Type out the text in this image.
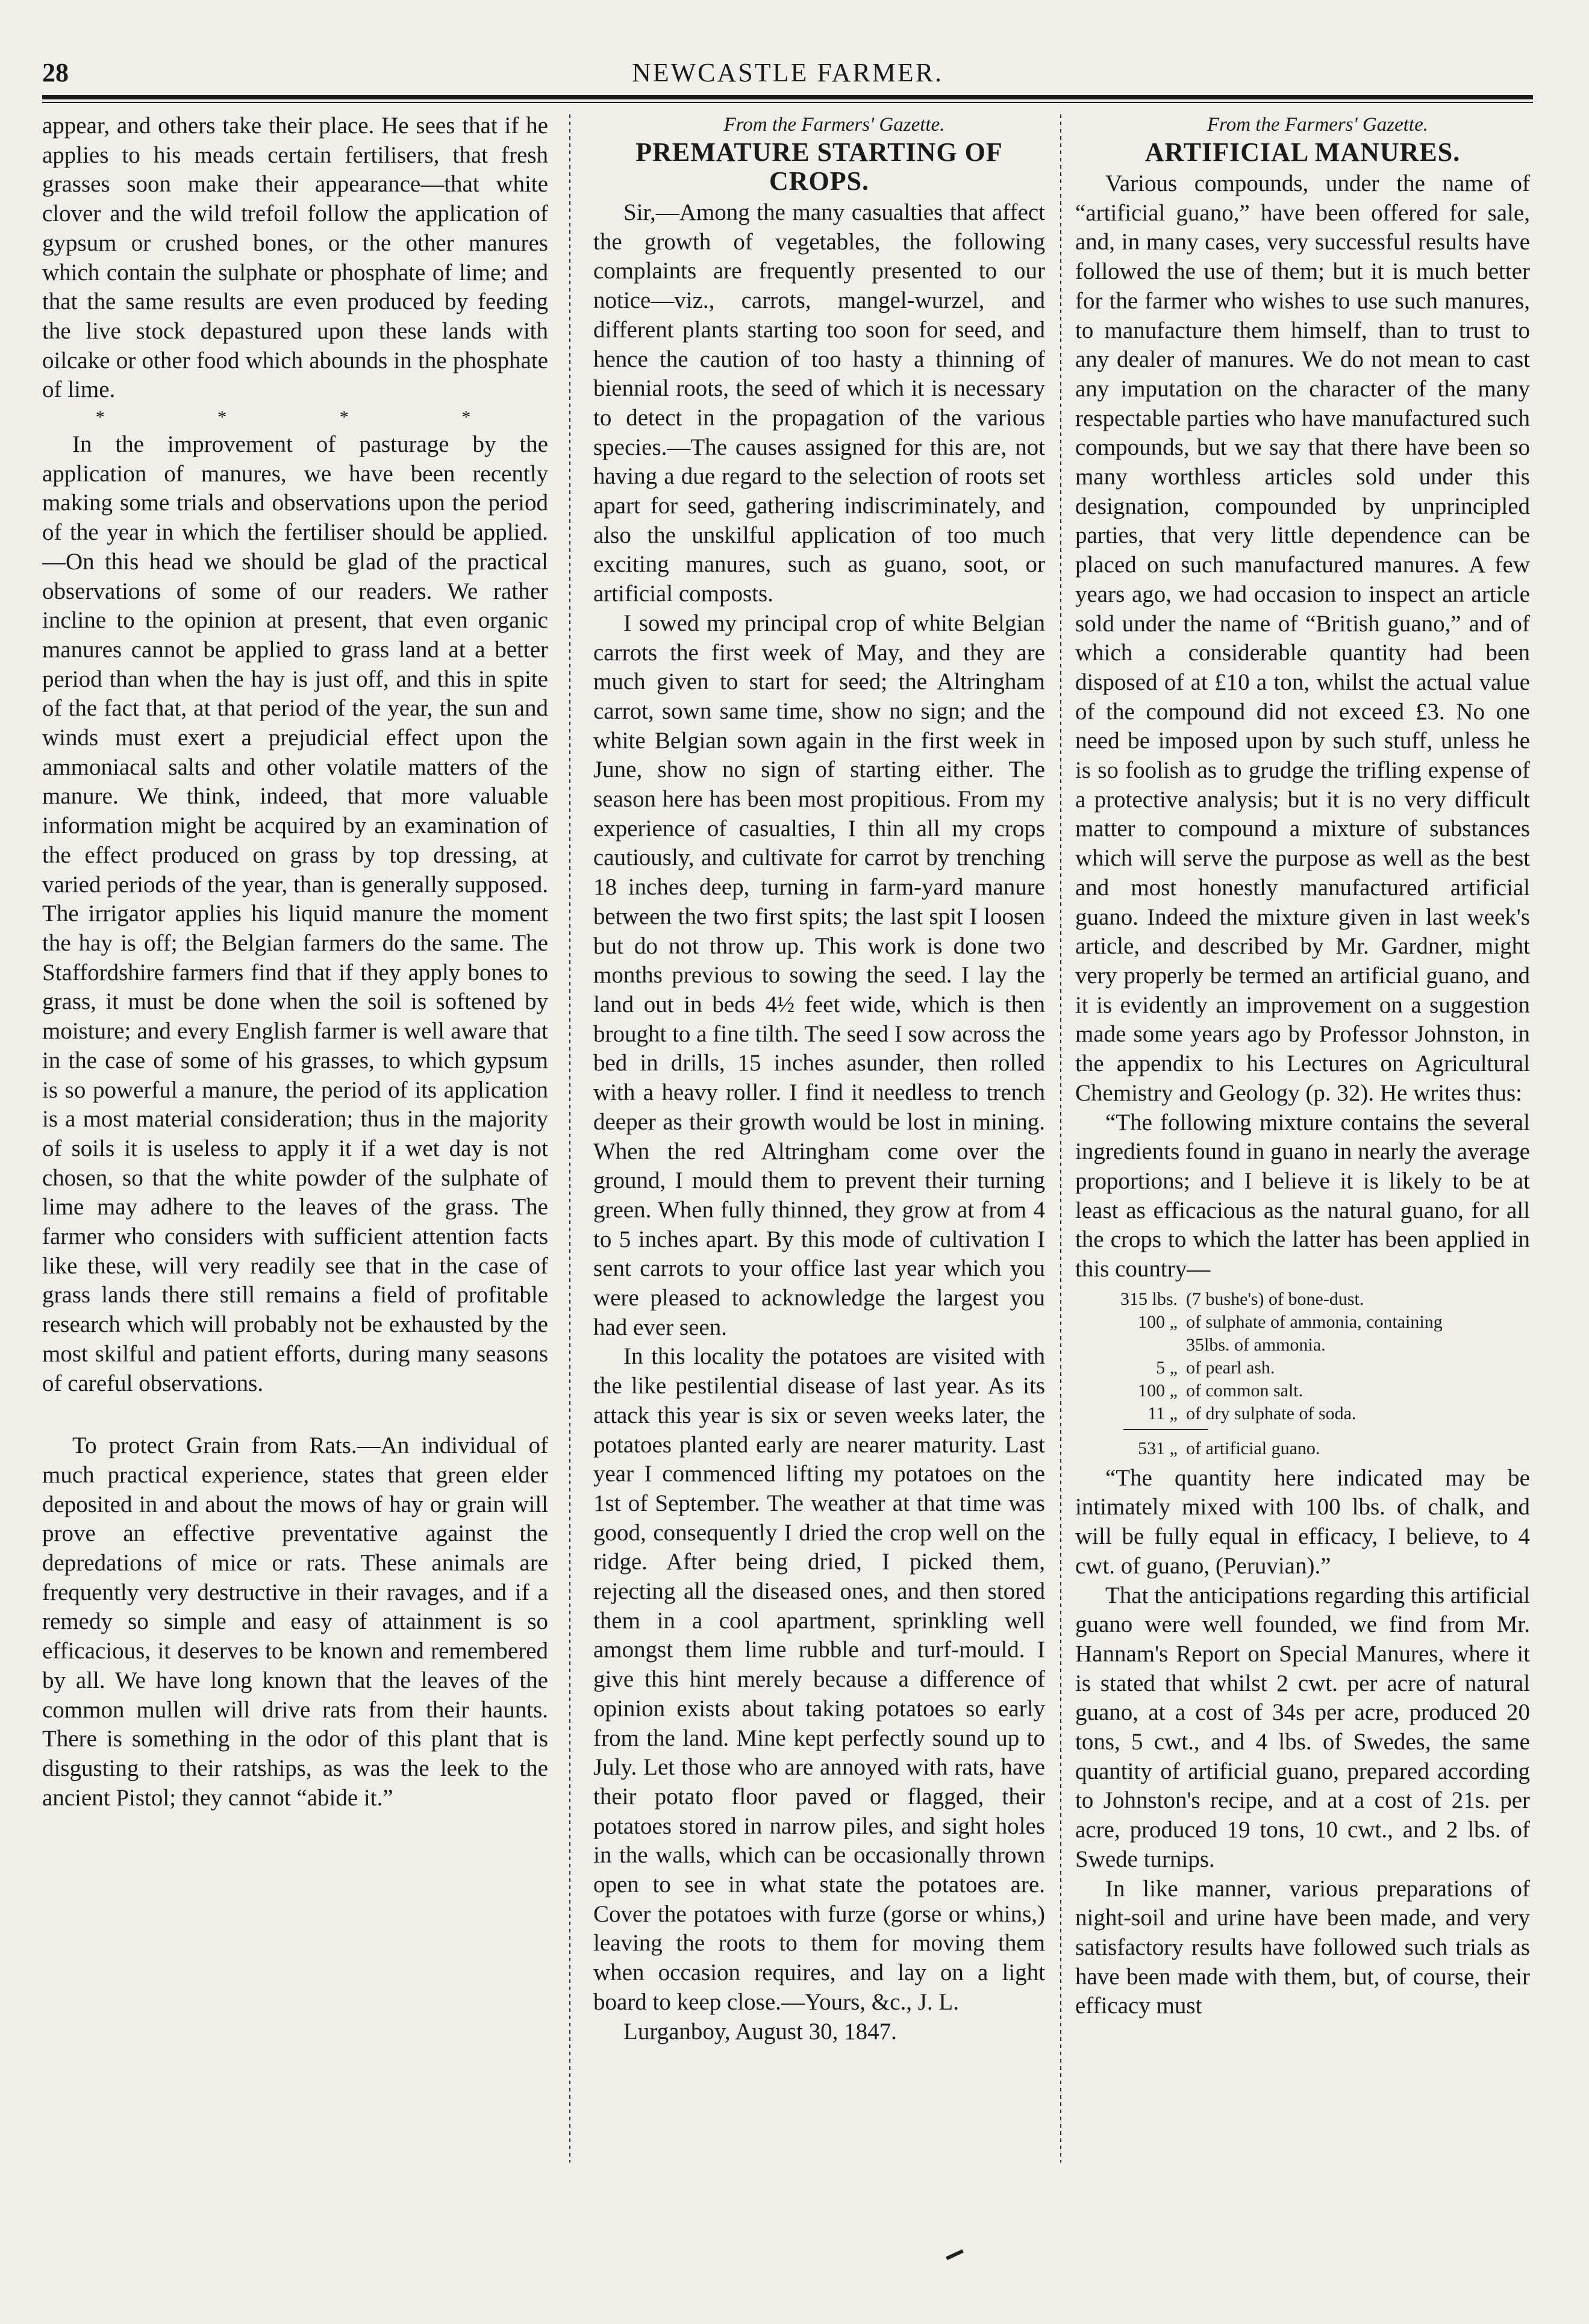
28	NEWCASTLE FARMER.

appear, and others take their place. He sees that if he applies to his meads certain fertilisers, that fresh grasses soon make their appearance—that white clover and the wild trefoil follow the application of gypsum or crushed bones, or the other manures which contain the sulphate or phosphate of lime; and that the same results are even produced by feeding the live stock depastured upon these lands with oilcake or other food which abounds in the phosphate of lime.

* * * *

In the improvement of pasturage by the application of manures, we have been recently making some trials and observations upon the period of the year in which the fertiliser should be applied.—On this head we should be glad of the practical observations of some of our readers. We rather incline to the opinion at present, that even organic manures cannot be applied to grass land at a better period than when the hay is just off, and this in spite of the fact that, at that period of the year, the sun and winds must exert a prejudicial effect upon the ammoniacal salts and other volatile matters of the manure. We think, indeed, that more valuable information might be acquired by an examination of the effect produced on grass by top dressing, at varied periods of the year, than is generally supposed. The irrigator applies his liquid manure the moment the hay is off; the Belgian farmers do the same. The Staffordshire farmers find that if they apply bones to grass, it must be done when the soil is softened by moisture; and every English farmer is well aware that in the case of some of his grasses, to which gypsum is so powerful a manure, the period of its application is a most material consideration; thus in the majority of soils it is useless to apply it if a wet day is not chosen, so that the white powder of the sulphate of lime may adhere to the leaves of the grass. The farmer who considers with sufficient attention facts like these, will very readily see that in the case of grass lands there still remains a field of profitable research which will probably not be exhausted by the most skilful and patient efforts, during many seasons of careful observations.

To protect Grain from Rats.—An individual of much practical experience, states that green elder deposited in and about the mows of hay or grain will prove an effective preventative against the depredations of mice or rats. These animals are frequently very destructive in their ravages, and if a remedy so simple and easy of attainment is so efficacious, it deserves to be known and remembered by all. We have long known that the leaves of the common mullen will drive rats from their haunts. There is something in the odor of this plant that is disgusting to their ratships, as was the leek to the ancient Pistol; they cannot “abide it.”

From the Farmers' Gazette.

PREMATURE STARTING OF CROPS.

Sir,—Among the many casualties that affect the growth of vegetables, the following complaints are frequently presented to our notice—viz., carrots, mangel-wurzel, and different plants starting too soon for seed, and hence the caution of too hasty a thinning of biennial roots, the seed of which it is necessary to detect in the propagation of the various species.—The causes assigned for this are, not having a due regard to the selection of roots set apart for seed, gathering indiscriminately, and also the unskilful application of too much exciting manures, such as guano, soot, or artificial composts.

I sowed my principal crop of white Belgian carrots the first week of May, and they are much given to start for seed; the Altringham carrot, sown same time, show no sign; and the white Belgian sown again in the first week in June, show no sign of starting either. The season here has been most propitious. From my experience of casualties, I thin all my crops cautiously, and cultivate for carrot by trenching 18 inches deep, turning in farm-yard manure between the two first spits; the last spit I loosen but do not throw up. This work is done two months previous to sowing the seed. I lay the land out in beds 4½ feet wide, which is then brought to a fine tilth. The seed I sow across the bed in drills, 15 inches asunder, then rolled with a heavy roller. I find it needless to trench deeper as their growth would be lost in mining. When the red Altringham come over the ground, I mould them to prevent their turning green. When fully thinned, they grow at from 4 to 5 inches apart. By this mode of cultivation I sent carrots to your office last year which you were pleased to acknowledge the largest you had ever seen.

In this locality the potatoes are visited with the like pestilential disease of last year. As its attack this year is six or seven weeks later, the potatoes planted early are nearer maturity. Last year I commenced lifting my potatoes on the 1st of September. The weather at that time was good, consequently I dried the crop well on the ridge. After being dried, I picked them, rejecting all the diseased ones, and then stored them in a cool apartment, sprinkling well amongst them lime rubble and turf-mould. I give this hint merely because a difference of opinion exists about taking potatoes so early from the land. Mine kept perfectly sound up to July. Let those who are annoyed with rats, have their potato floor paved or flagged, their potatoes stored in narrow piles, and sight holes in the walls, which can be occasionally thrown open to see in what state the potatoes are. Cover the potatoes with furze (gorse or whins,) leaving the roots to them for moving them when occasion requires, and lay on a light board to keep close.—Yours, &c., J. L.

Lurganboy, August 30, 1847.

From the Farmers' Gazette.

ARTIFICIAL MANURES.

Various compounds, under the name of “artificial guano,” have been offered for sale, and, in many cases, very successful results have followed the use of them; but it is much better for the farmer who wishes to use such manures, to manufacture them himself, than to trust to any dealer of manures. We do not mean to cast any imputation on the character of the many respectable parties who have manufactured such compounds, but we say that there have been so many worthless articles sold under this designation, compounded by unprincipled parties, that very little dependence can be placed on such manufactured manures. A few years ago, we had occasion to inspect an article sold under the name of “British guano,” and of which a considerable quantity had been disposed of at £10 a ton, whilst the actual value of the compound did not exceed £3. No one need be imposed upon by such stuff, unless he is so foolish as to grudge the trifling expense of a protective analysis; but it is no very difficult matter to compound a mixture of substances which will serve the purpose as well as the best and most honestly manufactured artificial guano. Indeed the mixture given in last week's article, and described by Mr. Gardner, might very properly be termed an artificial guano, and it is evidently an improvement on a suggestion made some years ago by Professor Johnston, in the appendix to his Lectures on Agricultural Chemistry and Geology (p. 32). He writes thus:

“The following mixture contains the several ingredients found in guano in nearly the average proportions; and I believe it is likely to be at least as efficacious as the natural guano, for all the crops to which the latter has been applied in this country—

315 lbs. (7 bushe's) of bone-dust.
100 „ of sulphate of ammonia, containing
35lbs. of ammonia.
5 „ of pearl ash.
100 „ of common salt.
11 „ of dry sulphate of soda.
531 „ of artificial guano.

“The quantity here indicated may be intimately mixed with 100 lbs. of chalk, and will be fully equal in efficacy, I believe, to 4 cwt. of guano, (Peruvian).”

That the anticipations regarding this artificial guano were well founded, we find from Mr. Hannam's Report on Special Manures, where it is stated that whilst 2 cwt. per acre of natural guano, at a cost of 34s per acre, produced 20 tons, 5 cwt., and 4 lbs. of Swedes, the same quantity of artificial guano, prepared according to Johnston's recipe, and at a cost of 21s. per acre, produced 19 tons, 10 cwt., and 2 lbs. of Swede turnips.

In like manner, various preparations of night-soil and urine have been made, and very satisfactory results have followed such trials as have been made with them, but, of course, their efficacy must
